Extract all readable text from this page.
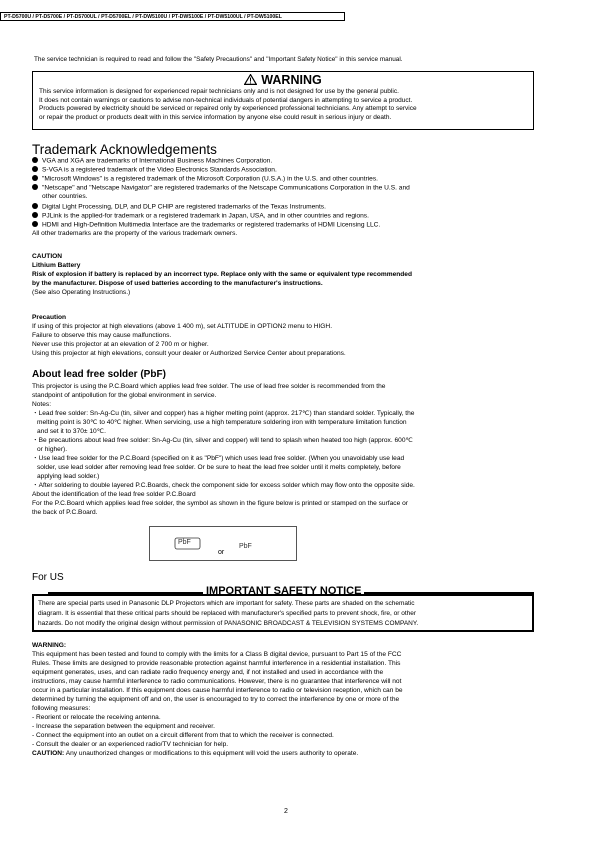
PT-D5700U / PT-D5700E / PT-D5700UL / PT-D5700EL / PT-DW5100U / PT-DW5100E / PT-DW5100UL / PT-DW5100EL
The service technician is required to read and follow the "Safety Precautions" and "Important Safety Notice" in this service manual.
WARNING
This service information is designed for experienced repair technicians only and is not designed for use by the general public.
It does not contain warnings or cautions to advise non-technical individuals of potential dangers in attempting to service a product.
Products powered by electricity should be serviced or repaired only by experienced professional technicians. Any attempt to service
or repair the product or products dealt with in this service information by anyone else could result in serious injury or death.
Trademark Acknowledgements
VGA and XGA are trademarks of International Business Machines Corporation.
S-VGA is a registered trademark of the Video Electronics Standards Association.
"Microsoft Windows" is a registered trademark of the Microsoft Corporation (U.S.A.) in the U.S. and other countries.
"Netscape" and "Netscape Navigator" are registered trademarks of the Netscape Communications Corporation in the U.S. and
other countries.
Digital Light Processing, DLP, and DLP CHIP are registered trademarks of the Texas Instruments.
PJLink is the applied-for trademark or a registered trademark in Japan, USA, and in other countries and regions.
HDMI and High-Definition Multimedia Interface are the trademarks or registered trademarks of HDMI Licensing LLC.
All other trademarks are the property of the various trademark owners.
CAUTION
Lithium Battery
Risk of explosion if battery is replaced by an incorrect type. Replace only with the same or equivalent type recommended
by the manufacturer. Dispose of used batteries according to the manufacturer's instructions.
(See also Operating Instructions.)
Precaution
If using of this projector at high elevations (above 1 400 m), set ALTITUDE in OPTION2 menu to HIGH.
Failure to observe this may cause malfunctions.
Never use this projector at an elevation of 2 700 m or higher.
Using this projector at high elevations, consult your dealer or Authorized Service Center about preparations.
About lead free solder (PbF)
This projector is using the P.C.Board which applies lead free solder. The use of lead free solder is recommended from the
standpoint of antipollution for the global environment in service.
Notes:
・Lead free solder: Sn-Ag-Cu (tin, silver and copper) has a higher melting point (approx. 217℃) than standard solder. Typically, the
melting point is 30℃ to 40℃ higher. When servicing, use a high temperature soldering iron with temperature limitation function
and set it to 370± 10℃.
・Be precautions about lead free solder: Sn-Ag-Cu (tin, silver and copper) will tend to splash when heated too high (approx. 600℃
or higher).
・Use lead free solder for the P.C.Board (specified on it as "PbF") which uses lead free solder. (When you unavoidably use lead
solder, use lead solder after removing lead free solder. Or be sure to heat the lead free solder until it melts completely, before
applying lead solder.)
・After soldering to double layered P.C.Boards, check the component side for excess solder which may flow onto the opposite side.
About the identification of the lead free solder P.C.Board
For the P.C.Board which applies lead free solder, the symbol as shown in the figure below is printed or stamped on the surface or
the back of P.C.Board.
PbF
or
PbF
For US
IMPORTANT SAFETY NOTICE
There are special parts used in Panasonic DLP Projectors which are important for safety. These parts are shaded on the schematic
diagram. It is essential that these critical parts should be replaced with manufacturer's specified parts to prevent shock, fire, or other
hazards. Do not modify the original design without permission of PANASONIC BROADCAST & TELEVISION SYSTEMS COMPANY.
WARNING:
This equipment has been tested and found to comply with the limits for a Class B digital device, pursuant to Part 15 of the FCC
Rules. These limits are designed to provide reasonable protection against harmful interference in a residential installation. This
equipment generates, uses, and can radiate radio frequency energy and, if not installed and used in accordance with the
instructions, may cause harmful interference to radio communications. However, there is no guarantee that interference will not
occur in a particular installation. If this equipment does cause harmful interference to radio or television reception, which can be
determined by turning the equipment off and on, the user is encouraged to try to correct the interference by one or more of the
following measures:
- Reorient or relocate the receiving antenna.
- Increase the separation between the equipment and receiver.
- Connect the equipment into an outlet on a circuit different from that to which the receiver is connected.
- Consult the dealer or an experienced radio/TV technician for help.
CAUTION: Any unauthorized changes or modifications to this equipment will void the users authority to operate.
2
